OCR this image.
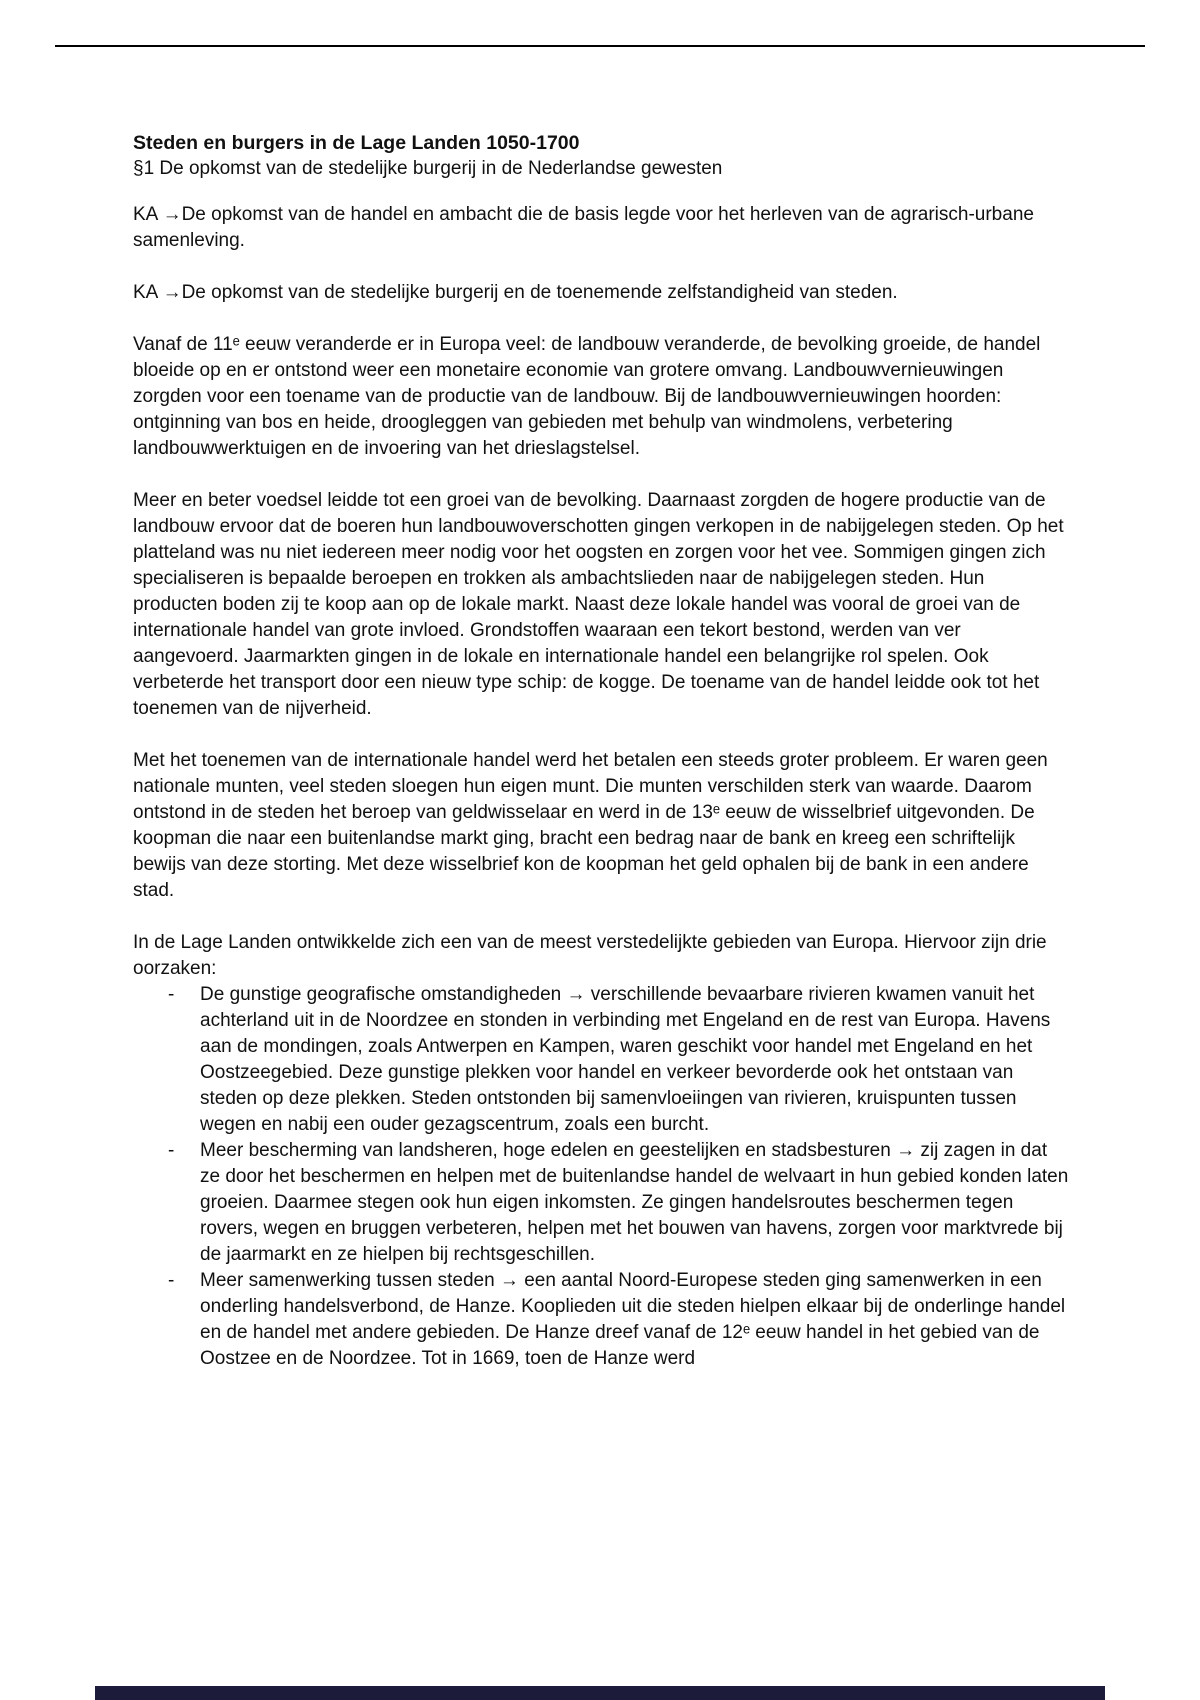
Steden en burgers in de Lage Landen 1050-1700
§1 De opkomst van de stedelijke burgerij in de Nederlandse gewesten

KA →De opkomst van de handel en ambacht die de basis legde voor het herleven van de agrarisch-urbane samenleving.

KA →De opkomst van de stedelijke burgerij en de toenemende zelfstandigheid van steden.

Vanaf de 11ᵉ eeuw veranderde er in Europa veel: de landbouw veranderde, de bevolking groeide, de handel bloeide op en er ontstond weer een monetaire economie van grotere omvang. Landbouwvernieuwingen zorgden voor een toename van de productie van de landbouw. Bij de landbouwvernieuwingen hoorden: ontginning van bos en heide, droogleggen van gebieden met behulp van windmolens, verbetering landbouwwerktuigen en de invoering van het drieslagstelsel.

Meer en beter voedsel leidde tot een groei van de bevolking. Daarnaast zorgden de hogere productie van de landbouw ervoor dat de boeren hun landbouwoverschotten gingen verkopen in de nabijgelegen steden. Op het platteland was nu niet iedereen meer nodig voor het oogsten en zorgen voor het vee. Sommigen gingen zich specialiseren is bepaalde beroepen en trokken als ambachtslieden naar de nabijgelegen steden. Hun producten boden zij te koop aan op de lokale markt. Naast deze lokale handel was vooral de groei van de internationale handel van grote invloed. Grondstoffen waaraan een tekort bestond, werden van ver aangevoerd. Jaarmarkten gingen in de lokale en internationale handel een belangrijke rol spelen. Ook verbeterde het transport door een nieuw type schip: de kogge. De toename van de handel leidde ook tot het toenemen van de nijverheid.

Met het toenemen van de internationale handel werd het betalen een steeds groter probleem. Er waren geen nationale munten, veel steden sloegen hun eigen munt. Die munten verschilden sterk van waarde. Daarom ontstond in de steden het beroep van geldwisselaar en werd in de 13ᵉ eeuw de wisselbrief uitgevonden. De koopman die naar een buitenlandse markt ging, bracht een bedrag naar de bank en kreeg een schriftelijk bewijs van deze storting. Met deze wisselbrief kon de koopman het geld ophalen bij de bank in een andere stad.

In de Lage Landen ontwikkelde zich een van de meest verstedelijkte gebieden van Europa. Hiervoor zijn drie oorzaken:

-	De gunstige geografische omstandigheden → verschillende bevaarbare rivieren kwamen vanuit het achterland uit in de Noordzee en stonden in verbinding met Engeland en de rest van Europa. Havens aan de mondingen, zoals Antwerpen en Kampen, waren geschikt voor handel met Engeland en het Oostzeegebied. Deze gunstige plekken voor handel en verkeer bevorderde ook het ontstaan van steden op deze plekken. Steden ontstonden bij samenvloeiingen van rivieren, kruispunten tussen wegen en nabij een ouder gezagscentrum, zoals een burcht.
-	Meer bescherming van landsheren, hoge edelen en geestelijken en stadsbesturen → zij zagen in dat ze door het beschermen en helpen met de buitenlandse handel de welvaart in hun gebied konden laten groeien. Daarmee stegen ook hun eigen inkomsten. Ze gingen handelsroutes beschermen tegen rovers, wegen en bruggen verbeteren, helpen met het bouwen van havens, zorgen voor marktvrede bij de jaarmarkt en ze hielpen bij rechtsgeschillen.
-	Meer samenwerking tussen steden → een aantal Noord-Europese steden ging samenwerken in een onderling handelsverbond, de Hanze. Kooplieden uit die steden hielpen elkaar bij de onderlinge handel en de handel met andere gebieden. De Hanze dreef vanaf de 12ᵉ eeuw handel in het gebied van de Oostzee en de Noordzee. Tot in 1669, toen de Hanze werd
